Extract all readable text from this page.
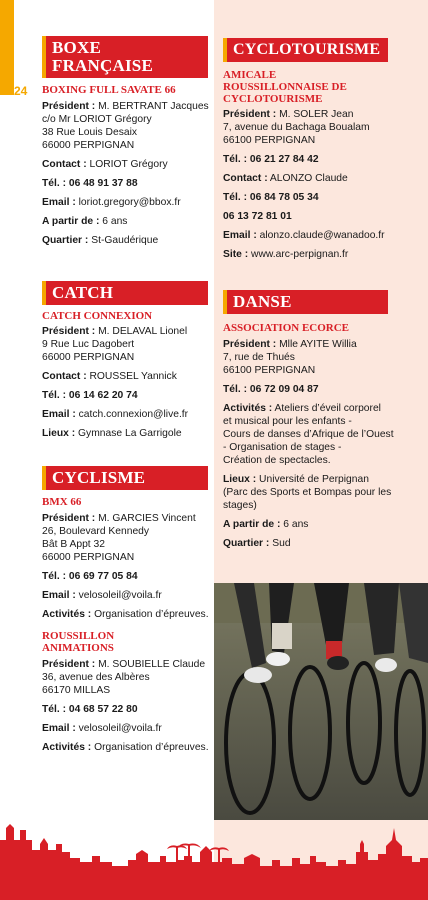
24
BOXE
FRANÇAISE
BOXING FULL SAVATE 66
Président : M. BERTRANT Jacques
c/o Mr LORIOT Grégory
38 Rue Louis Desaix
66000 PERPIGNAN
Contact : LORIOT Grégory
Tél. : 06 48 91 37 88
Email : loriot.gregory@bbox.fr
A partir de : 6 ans
Quartier : St-Gaudérique
CATCH
CATCH CONNEXION
Président : M. DELAVAL Lionel
9 Rue Luc Dagobert
66000 PERPIGNAN
Contact : ROUSSEL Yannick
Tél. : 06 14 62 20 74
Email : catch.connexion@live.fr
Lieux : Gymnase La Garrigole
CYCLISME
BMX 66
Président : M. GARCIES Vincent
26, Boulevard Kennedy
Bât B Appt 32
66000 PERPIGNAN
Tél. : 06 69 77 05 84
Email : velosoleil@voila.fr
Activités : Organisation d’épreuves.
ROUSSILLON
ANIMATIONS
Président : M. SOUBIELLE Claude
36, avenue des Albères
66170 MILLAS
Tél. : 04 68 57 22 80
Email : velosoleil@voila.fr
Activités : Organisation d’épreuves.
CYCLOTOURISME
AMICALE
ROUSSILLONNAISE DE
CYCLOTOURISME
Président : M. SOLER Jean
7, avenue du Bachaga Boualam
66100 PERPIGNAN
Tél. : 06 21 27 84 42
Contact : ALONZO Claude
Tél. : 06 84 78 05 34
06 13 72 81 01
Email : alonzo.claude@wanadoo.fr
Site : www.arc-perpignan.fr
DANSE
ASSOCIATION ECORCE
Président : Mlle AYITE Willia
7, rue de Thués
66100 PERPIGNAN
Tél. : 06 72 09 04 87
Activités : Ateliers d’éveil corporel
et musical pour les enfants -
Cours de danses d’Afrique de l’Ouest
- Organisation de stages -
Création de spectacles.
Lieux : Université de Perpignan
(Parc des Sports et Bompas pour les
stages)
A partir de : 6 ans
Quartier : Sud
